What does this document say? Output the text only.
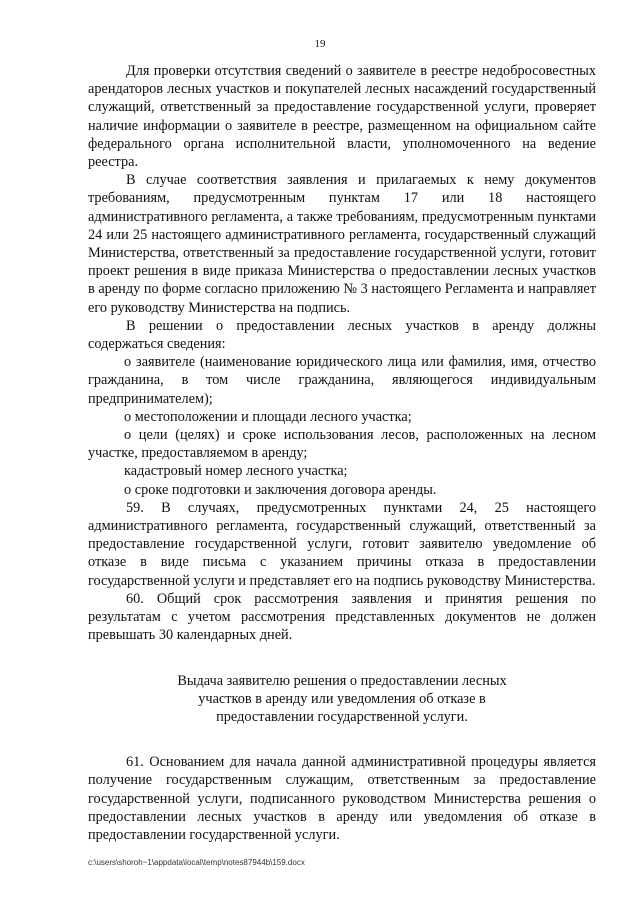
19

Для проверки отсутствия сведений о заявителе в реестре недобросовестных арендаторов лесных участков и покупателей лесных насаждений государственный служащий, ответственный за предоставление государственной услуги, проверяет наличие информации о заявителе в реестре, размещенном на официальном сайте федерального органа исполнительной власти, уполномоченного на ведение реестра.

В случае соответствия заявления и прилагаемых к нему документов требованиям, предусмотренным пунктам 17 или 18 настоящего административного регламента, а также требованиям, предусмотренным пунктами 24 или 25 настоящего административного регламента, государственный служащий Министерства, ответственный за предоставление государственной услуги, готовит проект решения в виде приказа Министерства о предоставлении лесных участков в аренду по форме согласно приложению № 3 настоящего Регламента и направляет его руководству Министерства на подпись.

В решении о предоставлении лесных участков в аренду должны содержаться сведения:

о заявителе (наименование юридического лица или фамилия, имя, отчество гражданина, в том числе гражданина, являющегося индивидуальным предпринимателем);

о местоположении и площади лесного участка;

о цели (целях) и сроке использования лесов, расположенных на лесном участке, предоставляемом в аренду;

кадастровый номер лесного участка;

о сроке подготовки и заключения договора аренды.

59. В случаях, предусмотренных пунктами 24, 25 настоящего административного регламента, государственный служащий, ответственный за предоставление государственной услуги, готовит заявителю уведомление об отказе в виде письма с указанием причины отказа в предоставлении государственной услуги и представляет его на подпись руководству Министерства.

60. Общий срок рассмотрения заявления и принятия решения по результатам с учетом рассмотрения представленных документов не должен превышать 30 календарных дней.

Выдача заявителю решения о предоставлении лесных
участков в аренду или уведомления об отказе в
предоставлении государственной услуги.

61. Основанием для начала данной административной процедуры является получение государственным служащим, ответственным за предоставление государственной услуги, подписанного руководством Министерства решения о предоставлении лесных участков в аренду или уведомления об отказе в предоставлении государственной услуги.

c:\users\shoroh~1\appdata\local\temp\notes87944b\159.docx
